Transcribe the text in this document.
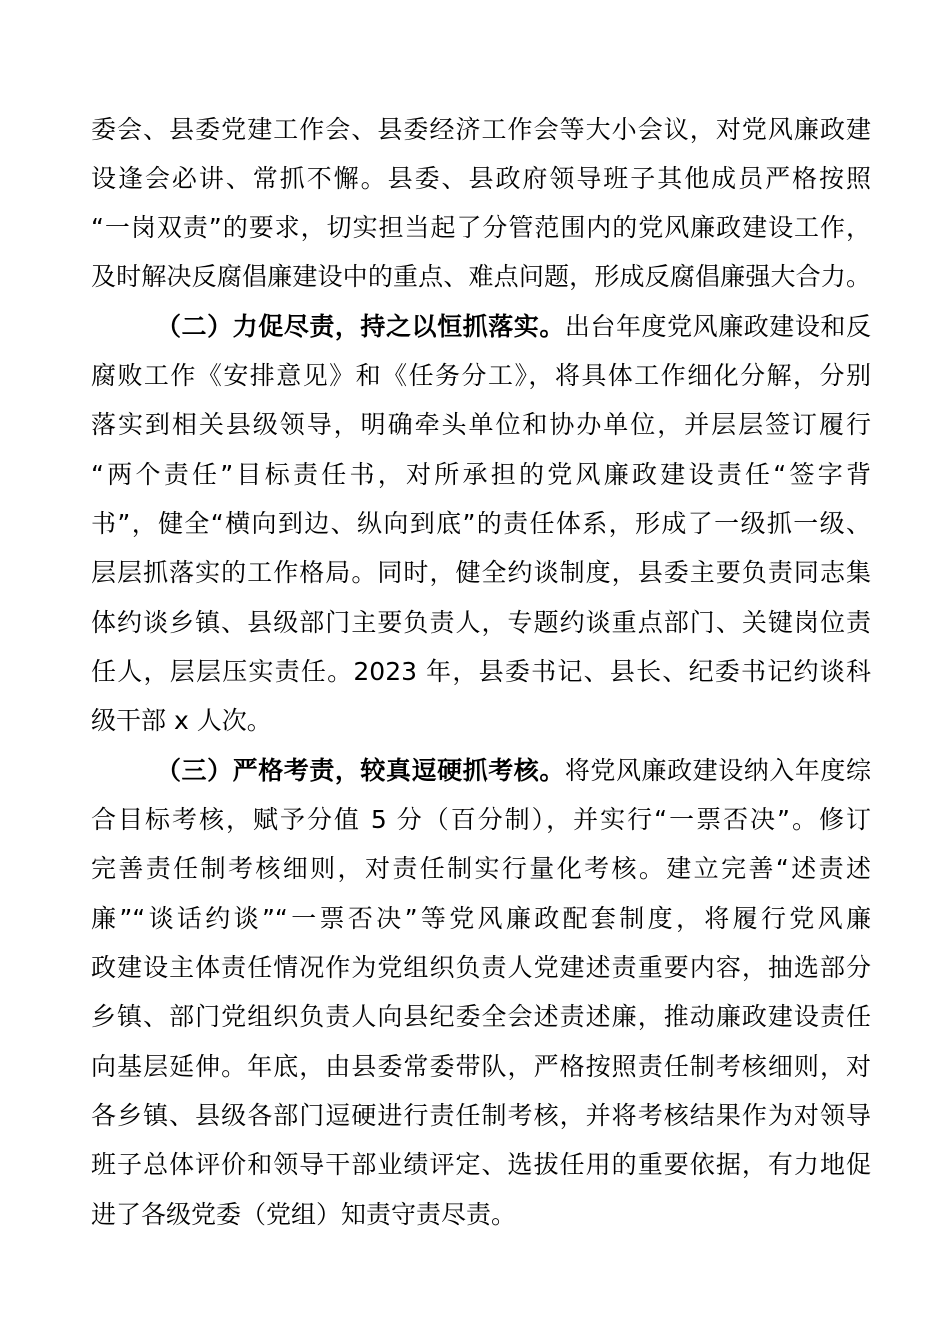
委会、县委党建工作会、县委经济工作会等大小会议，对党风廉政建
设逢会必讲、常抓不懈。县委、县政府领导班子其他成员严格按照
“一岗双责”的要求，切实担当起了分管范围内的党风廉政建设工作，
及时解决反腐倡廉建设中的重点、难点问题，形成反腐倡廉强大合力。
（二）力促尽责，持之以恒抓落实。出台年度党风廉政建设和反
腐败工作《安排意见》和《任务分工》，将具体工作细化分解，分别
落实到相关县级领导，明确牵头单位和协办单位，并层层签订履行
“两个责任”目标责任书，对所承担的党风廉政建设责任“签字背
书”，健全“横向到边、纵向到底”的责任体系，形成了一级抓一级、
层层抓落实的工作格局。同时，健全约谈制度，县委主要负责同志集
体约谈乡镇、县级部门主要负责人，专题约谈重点部门、关键岗位责
任人，层层压实责任。2023 年，县委书记、县长、纪委书记约谈科
级干部 x 人次。
（三）严格考责，较真逗硬抓考核。将党风廉政建设纳入年度综
合目标考核，赋予分值 5 分（百分制），并实行“一票否决”。修订
完善责任制考核细则，对责任制实行量化考核。建立完善“述责述
廉”“谈话约谈”“一票否决”等党风廉政配套制度，将履行党风廉
政建设主体责任情况作为党组织负责人党建述责重要内容，抽选部分
乡镇、部门党组织负责人向县纪委全会述责述廉，推动廉政建设责任
向基层延伸。年底，由县委常委带队，严格按照责任制考核细则，对
各乡镇、县级各部门逗硬进行责任制考核，并将考核结果作为对领导
班子总体评价和领导干部业绩评定、选拔任用的重要依据，有力地促
进了各级党委（党组）知责守责尽责。
